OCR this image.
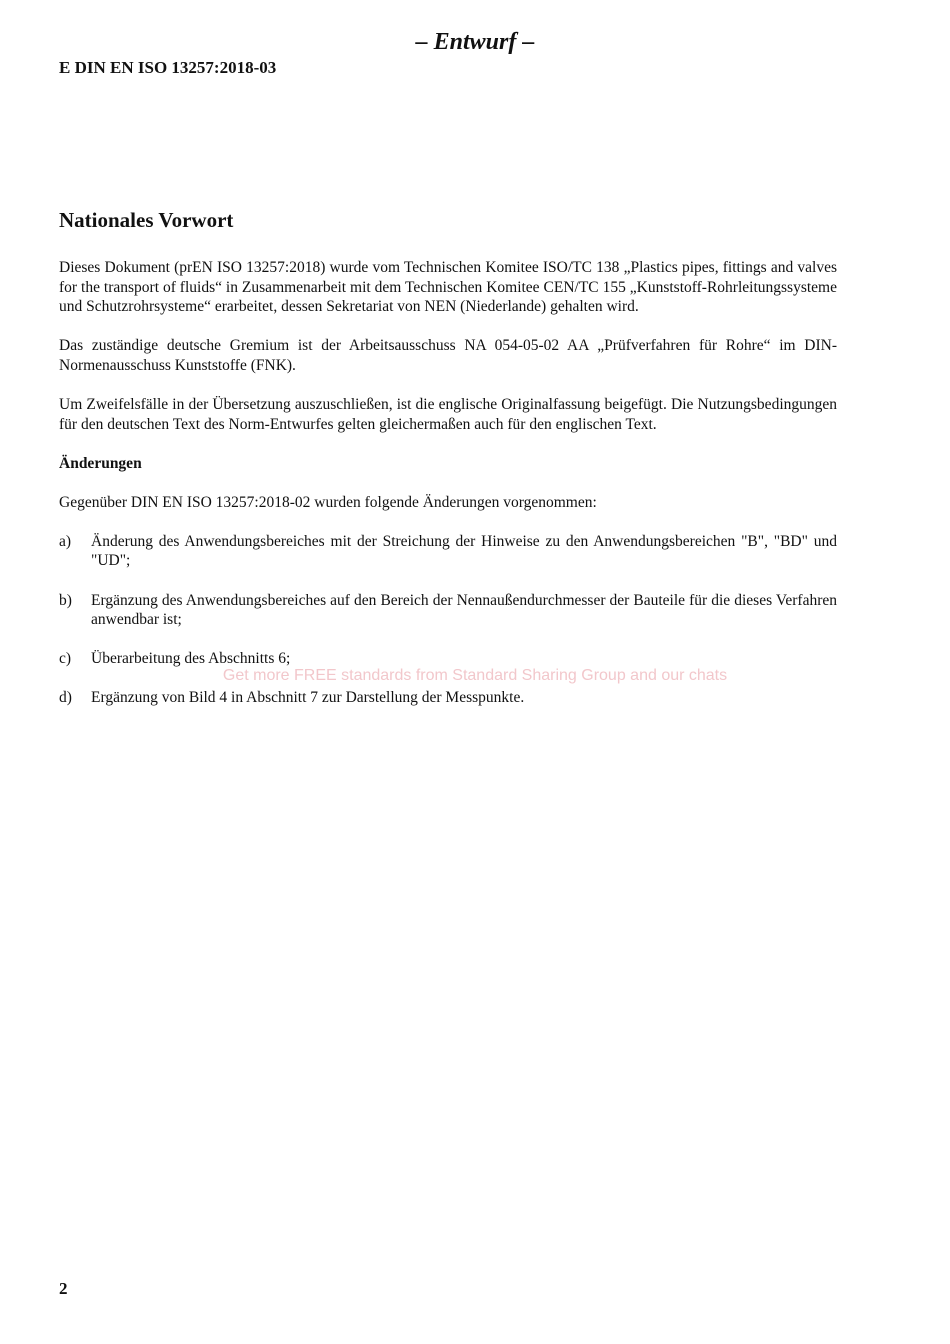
– Entwurf –
E DIN EN ISO 13257:2018-03
Nationales Vorwort

Dieses Dokument (prEN ISO 13257:2018) wurde vom Technischen Komitee ISO/TC 138 „Plastics pipes, fittings and valves for the transport of fluids“ in Zusammenarbeit mit dem Technischen Komitee CEN/TC 155 „Kunststoff-Rohrleitungssysteme und Schutzrohrsysteme“ erarbeitet, dessen Sekretariat von NEN (Niederlande) gehalten wird.

Das zuständige deutsche Gremium ist der Arbeitsausschuss NA 054-05-02 AA „Prüfverfahren für Rohre“ im DIN-Normenausschuss Kunststoffe (FNK).

Um Zweifelsfälle in der Übersetzung auszuschließen, ist die englische Originalfassung beigefügt. Die Nutzungsbedingungen für den deutschen Text des Norm-Entwurfes gelten gleichermaßen auch für den englischen Text.

Änderungen

Gegenüber DIN EN ISO 13257:2018-02 wurden folgende Änderungen vorgenommen:

a) Änderung des Anwendungsbereiches mit der Streichung der Hinweise zu den Anwendungsbereichen "B", "BD" und "UD";
b) Ergänzung des Anwendungsbereiches auf den Bereich der Nennaußendurchmesser der Bauteile für die dieses Verfahren anwendbar ist;
c) Überarbeitung des Abschnitts 6;
d) Ergänzung von Bild 4 in Abschnitt 7 zur Darstellung der Messpunkte.
Get more FREE standards from Standard Sharing Group and our chats
2
